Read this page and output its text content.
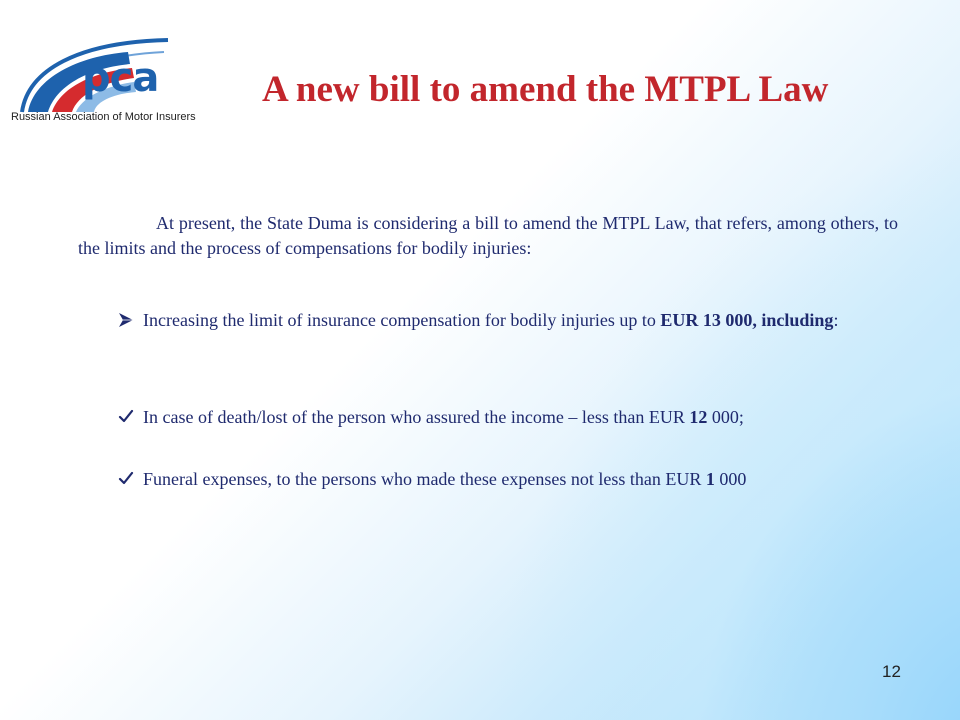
pca
Russian Association of Motor Insurers
A new bill to amend the MTPL Law

At present, the State Duma is considering a bill to amend the MTPL Law, that refers, among others, to the limits and the process of compensations for bodily injuries:

Increasing the limit of insurance compensation for bodily injuries up to EUR 13 000, including:
In case of death/lost of the person who assured the income – less than EUR 12 000;
Funeral expenses, to the persons who made these expenses not less than EUR 1 000
12
